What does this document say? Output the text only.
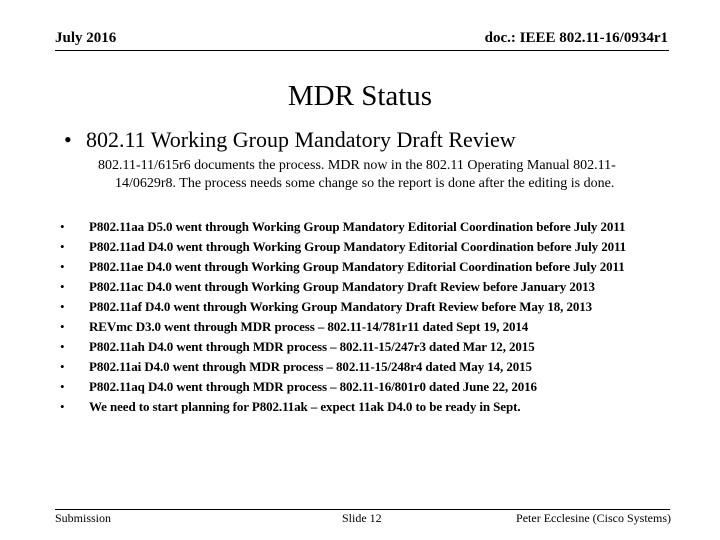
July 2016	doc.: IEEE 802.11-16/0934r1
MDR Status
• 802.11 Working Group Mandatory Draft Review
802.11-11/615r6 documents the process. MDR now in the 802.11 Operating Manual 802.11-14/0629r8. The process needs some change so the report is done after the editing is done.
• P802.11aa D5.0 went through Working Group Mandatory Editorial Coordination before July 2011
• P802.11ad D4.0 went through Working Group Mandatory Editorial Coordination before July 2011
• P802.11ae D4.0 went through Working Group Mandatory Editorial Coordination before July 2011
• P802.11ac D4.0 went through Working Group Mandatory Draft Review before January 2013
• P802.11af D4.0 went through Working Group Mandatory Draft Review before May 18, 2013
• REVmc D3.0 went through MDR process – 802.11-14/781r11 dated Sept 19, 2014
• P802.11ah D4.0 went through MDR process – 802.11-15/247r3 dated Mar 12, 2015
• P802.11ai D4.0 went through MDR process – 802.11-15/248r4 dated May 14, 2015
• P802.11aq D4.0 went through MDR process – 802.11-16/801r0 dated June 22, 2016
• We need to start planning for P802.11ak – expect 11ak D4.0 to be ready in Sept.
Submission	Slide 12	Peter Ecclesine (Cisco Systems)
